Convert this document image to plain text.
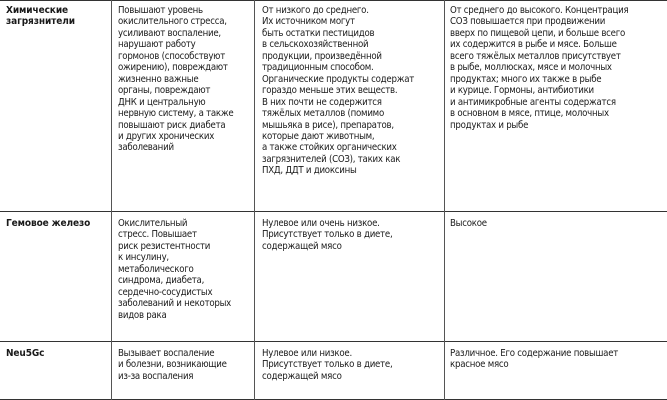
Химические
загрязнители
Повышают уровень
окислительного стресса,
усиливают воспаление,
нарушают работу
гормонов (способствуют
ожирению), повреждают
жизненно важные
органы, повреждают
ДНК и центральную
нервную систему, а также
повышают риск диабета
и других хронических
заболеваний
От низкого до среднего.
Их источником могут
быть остатки пестицидов
в сельскохозяйственной
продукции, произведённой
традиционным способом.
Органические продукты содержат
гораздо меньше этих веществ.
В них почти не содержится
тяжёлых металлов (помимо
мышьяка в рисе), препаратов,
которые дают животным,
а также стойких органических
загрязнителей (СОЗ), таких как
ПХД, ДДТ и диоксины
От среднего до высокого. Концентрация
СОЗ повышается при продвижении
вверх по пищевой цепи, и больше всего
их содержится в рыбе и мясе. Больше
всего тяжёлых металлов присутствует
в рыбе, моллюсках, мясе и молочных
продуктах; много их также в рыбе
и курице. Гормоны, антибиотики
и антимикробные агенты содержатся
в основном в мясе, птице, молочных
продуктах и рыбе
Гемовое железо	Окислительный
стресс. Повышает
риск резистентности
к инсулину,
метаболического
синдрома, диабета,
сердечно-сосудистых
заболеваний и некоторых
видов рака
Нулевое или очень низкое.
Присутствует только в диете,
содержащей мясо
Высокое
Neu5Gc	Вызывает воспаление
и болезни, возникающие
из-за воспаления
Нулевое или низкое.
Присутствует только в диете,
содержащей мясо
Различное. Его содержание повышает
красное мясо
